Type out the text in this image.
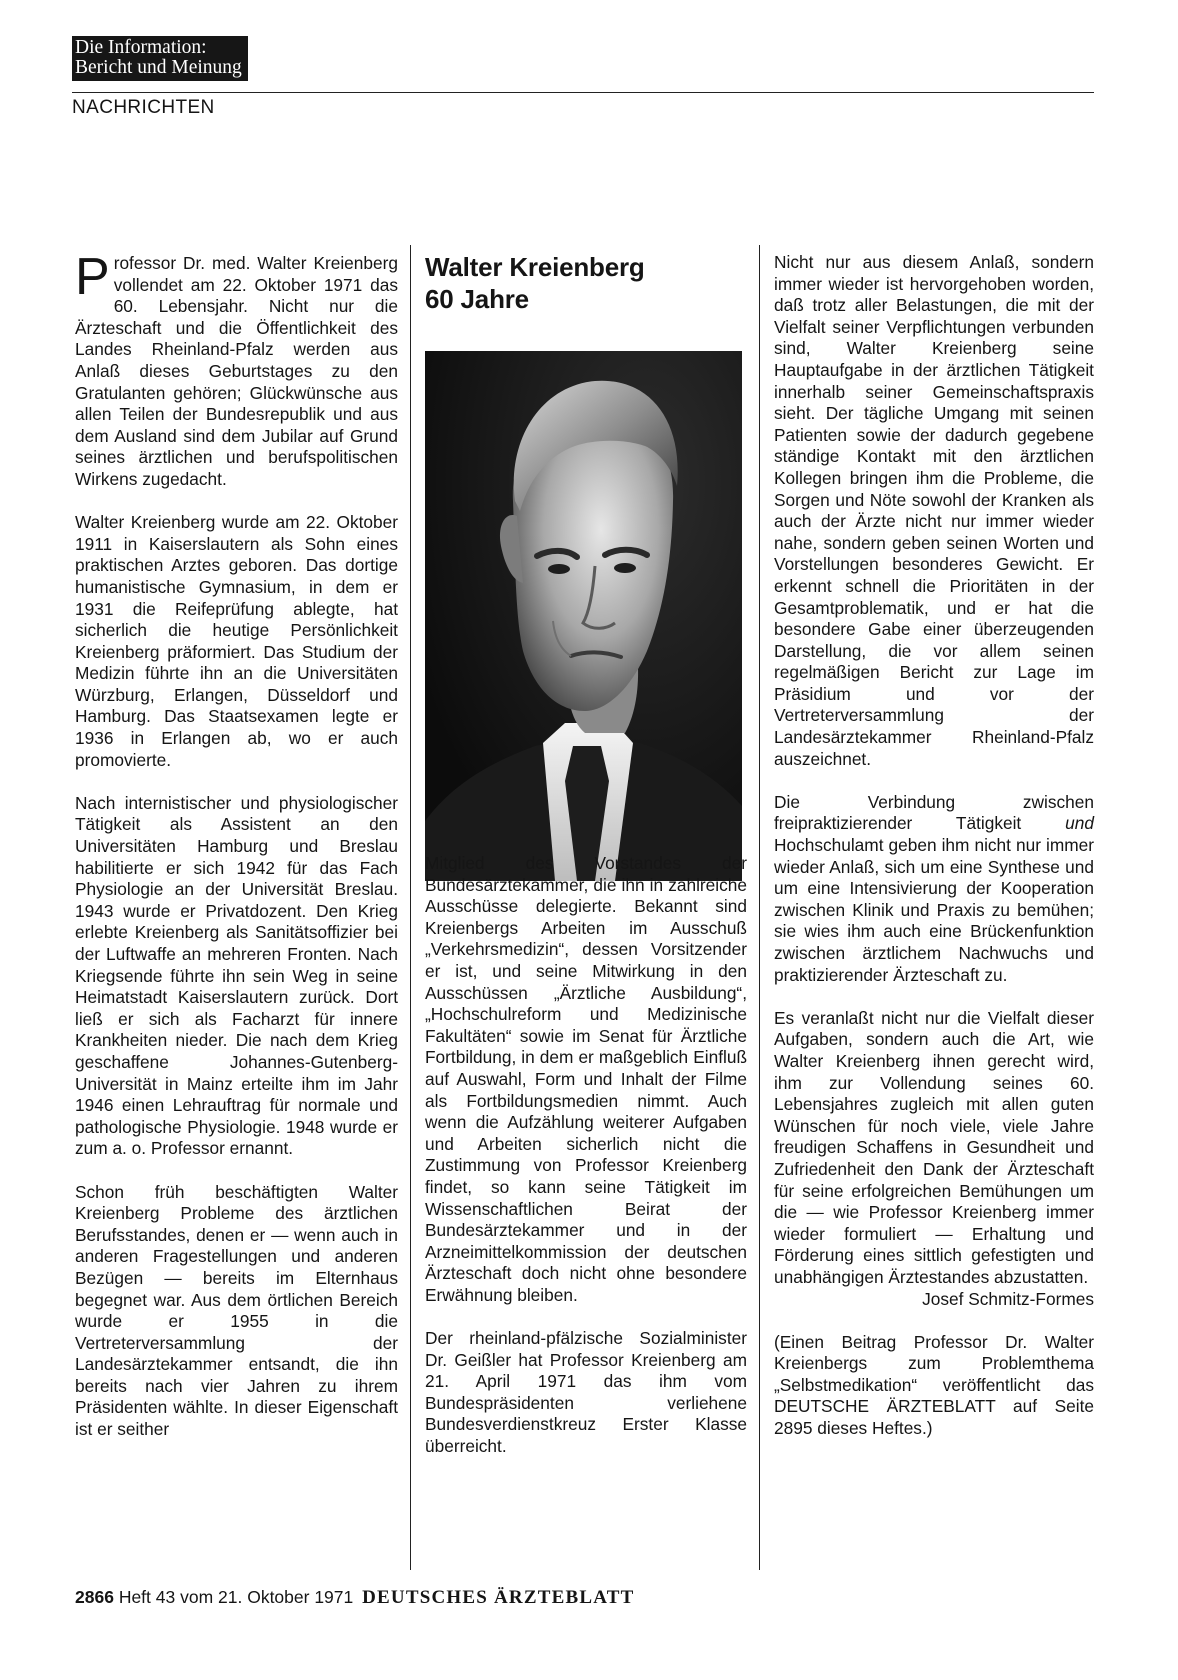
Die Information:
Bericht und Meinung
NACHRICHTEN

Professor Dr. med. Walter Kreienberg vollendet am 22. Oktober 1971 das 60. Lebensjahr. Nicht nur die Ärzteschaft und die Öffentlichkeit des Landes Rheinland-Pfalz werden aus Anlaß dieses Geburtstages zu den Gratulanten gehören; Glückwünsche aus allen Teilen der Bundesrepublik und aus dem Ausland sind dem Jubilar auf Grund seines ärztlichen und berufspolitischen Wirkens zugedacht.

Walter Kreienberg wurde am 22. Oktober 1911 in Kaiserslautern als Sohn eines praktischen Arztes geboren. Das dortige humanistische Gymnasium, in dem er 1931 die Reifeprüfung ablegte, hat sicherlich die heutige Persönlichkeit Kreienberg präformiert. Das Studium der Medizin führte ihn an die Universitäten Würzburg, Erlangen, Düsseldorf und Hamburg. Das Staatsexamen legte er 1936 in Erlangen ab, wo er auch promovierte.

Nach internistischer und physiologischer Tätigkeit als Assistent an den Universitäten Hamburg und Breslau habilitierte er sich 1942 für das Fach Physiologie an der Universität Breslau. 1943 wurde er Privatdozent. Den Krieg erlebte Kreienberg als Sanitätsoffizier bei der Luftwaffe an mehreren Fronten. Nach Kriegsende führte ihn sein Weg in seine Heimatstadt Kaiserslautern zurück. Dort ließ er sich als Facharzt für innere Krankheiten nieder. Die nach dem Krieg geschaffene Johannes-Gutenberg-Universität in Mainz erteilte ihm im Jahr 1946 einen Lehrauftrag für normale und pathologische Physiologie. 1948 wurde er zum a. o. Professor ernannt.

Schon früh beschäftigten Walter Kreienberg Probleme des ärztlichen Berufsstandes, denen er — wenn auch in anderen Fragestellungen und anderen Bezügen — bereits im Elternhaus begegnet war. Aus dem örtlichen Bereich wurde er 1955 in die Vertreterversammlung der Landesärztekammer entsandt, die ihn bereits nach vier Jahren zu ihrem Präsidenten wählte. In dieser Eigenschaft ist er seither

Walter Kreienberg
60 Jahre

Mitglied des Vorstandes der Bundesärztekammer, die ihn in zahlreiche Ausschüsse delegierte. Bekannt sind Kreienbergs Arbeiten im Ausschuß „Verkehrsmedizin“, dessen Vorsitzender er ist, und seine Mitwirkung in den Ausschüssen „Ärztliche Ausbildung“, „Hochschulreform und Medizinische Fakultäten“ sowie im Senat für Ärztliche Fortbildung, in dem er maßgeblich Einfluß auf Auswahl, Form und Inhalt der Filme als Fortbildungsmedien nimmt. Auch wenn die Aufzählung weiterer Aufgaben und Arbeiten sicherlich nicht die Zustimmung von Professor Kreienberg findet, so kann seine Tätigkeit im Wissenschaftlichen Beirat der Bundesärztekammer und in der Arzneimittelkommission der deutschen Ärzteschaft doch nicht ohne besondere Erwähnung bleiben.

Der rheinland-pfälzische Sozialminister Dr. Geißler hat Professor Kreienberg am 21. April 1971 das ihm vom Bundespräsidenten verliehene Bundesverdienstkreuz Erster Klasse überreicht.

Nicht nur aus diesem Anlaß, sondern immer wieder ist hervorgehoben worden, daß trotz aller Belastungen, die mit der Vielfalt seiner Verpflichtungen verbunden sind, Walter Kreienberg seine Hauptaufgabe in der ärztlichen Tätigkeit innerhalb seiner Gemeinschaftspraxis sieht. Der tägliche Umgang mit seinen Patienten sowie der dadurch gegebene ständige Kontakt mit den ärztlichen Kollegen bringen ihm die Probleme, die Sorgen und Nöte sowohl der Kranken als auch der Ärzte nicht nur immer wieder nahe, sondern geben seinen Worten und Vorstellungen besonderes Gewicht. Er erkennt schnell die Prioritäten in der Gesamtproblematik, und er hat die besondere Gabe einer überzeugenden Darstellung, die vor allem seinen regelmäßigen Bericht zur Lage im Präsidium und vor der Vertreterversammlung der Landesärztekammer Rheinland-Pfalz auszeichnet.

Die Verbindung zwischen freipraktizierender Tätigkeit und Hochschulamt geben ihm nicht nur immer wieder Anlaß, sich um eine Synthese und um eine Intensivierung der Kooperation zwischen Klinik und Praxis zu bemühen; sie wies ihm auch eine Brückenfunktion zwischen ärztlichem Nachwuchs und praktizierender Ärzteschaft zu.

Es veranlaßt nicht nur die Vielfalt dieser Aufgaben, sondern auch die Art, wie Walter Kreienberg ihnen gerecht wird, ihm zur Vollendung seines 60. Lebensjahres zugleich mit allen guten Wünschen für noch viele, viele Jahre freudigen Schaffens in Gesundheit und Zufriedenheit den Dank der Ärzteschaft für seine erfolgreichen Bemühungen um die — wie Professor Kreienberg immer wieder formuliert — Erhaltung und Förderung eines sittlich gefestigten und unabhängigen Ärztestandes abzustatten.

Josef Schmitz-Formes

(Einen Beitrag Professor Dr. Walter Kreienbergs zum Problemthema „Selbstmedikation“ veröffentlicht das DEUTSCHE ÄRZTEBLATT auf Seite 2895 dieses Heftes.)

2866 Heft 43 vom 21. Oktober 1971 DEUTSCHES ÄRZTEBLATT
